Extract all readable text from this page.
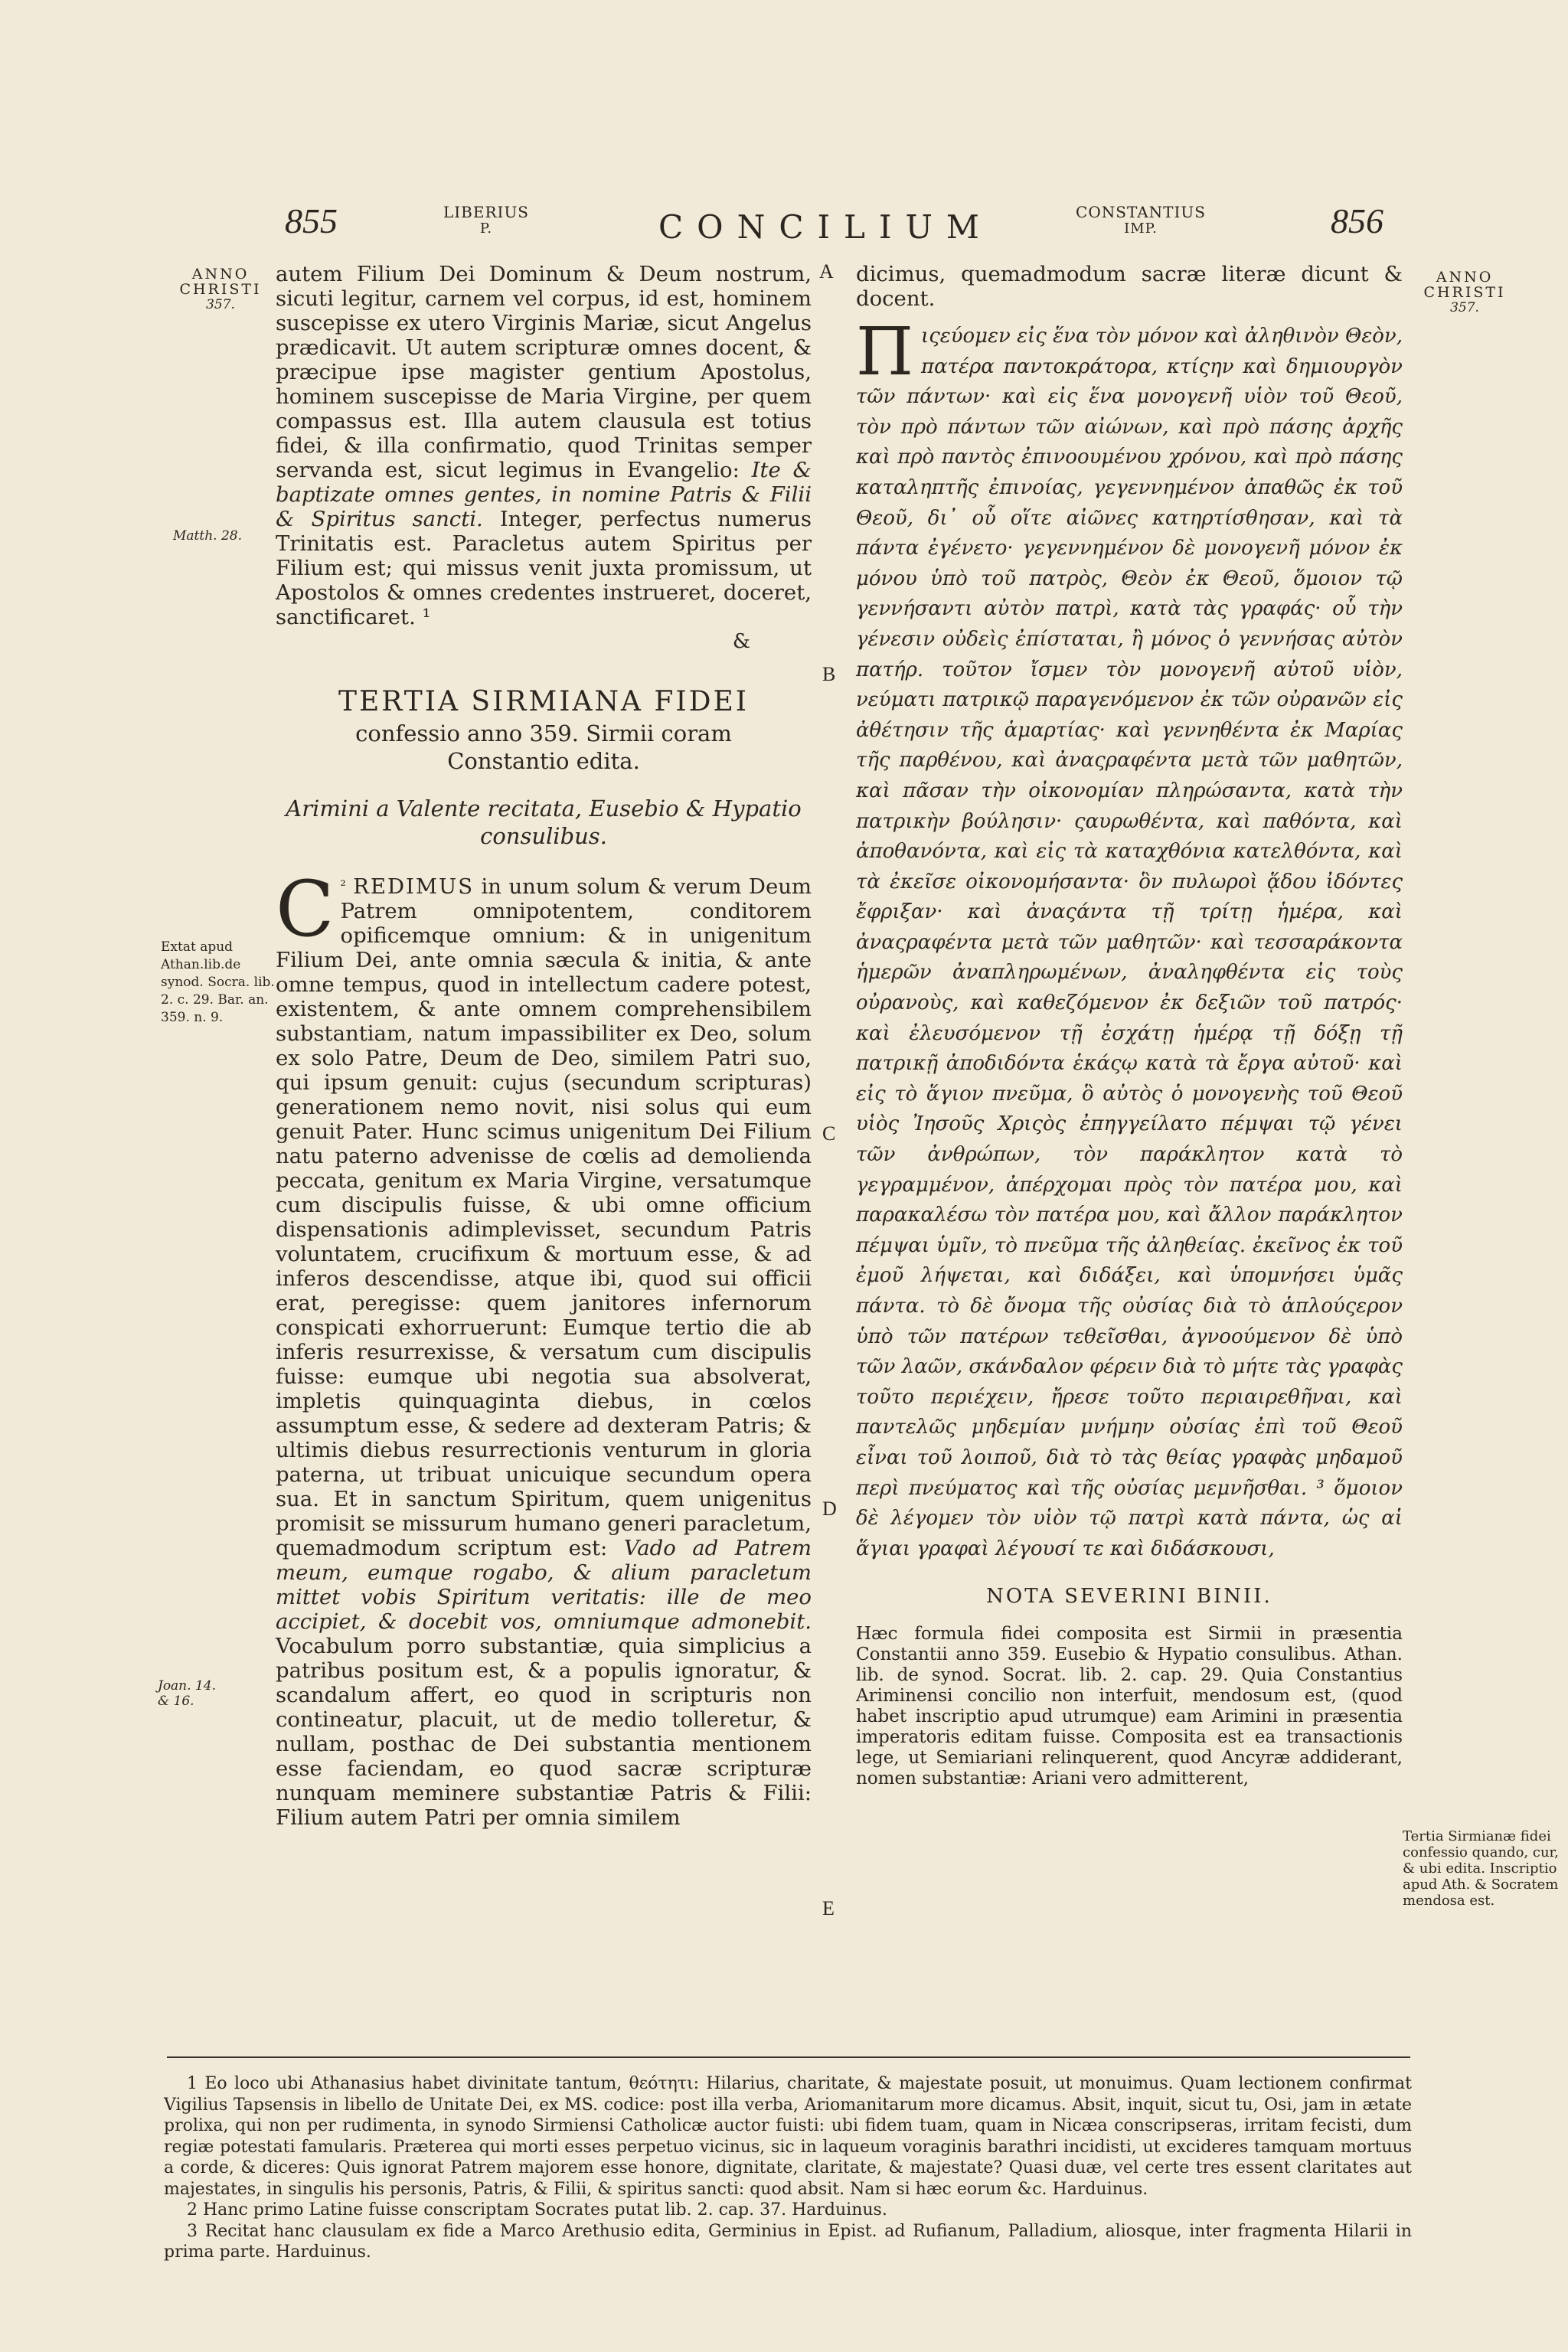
855	LIBERIUS
P.	CONCILIUM	CONSTANTIUS
IMP.	856
ANNO CHRISTI
357.
ANNO CHRISTI
357.
Matth. 28.
Extat apud Athan.lib.de synod. Socra. lib. 2. c. 29. Bar. an. 359. n. 9.
Joan. 14. & 16.
Tertia Sirmianæ fidei confessio quando, cur, & ubi edita. Inscriptio apud Ath. & Socratem mendosa est.
A
B
C
D
E

autem Filium Dei Dominum & Deum nostrum, sicuti legitur, carnem vel corpus, id est, hominem suscepisse ex utero Virginis Mariæ, sicut Angelus prædicavit. Ut autem scripturæ omnes docent, & præcipue ipse magister gentium Apostolus, hominem suscepisse de Maria Virgine, per quem compassus est. Illa autem clausula est totius fidei, & illa confirmatio, quod Trinitas semper servanda est, sicut legimus in Evangelio: Ite & baptizate omnes gentes, in nomine Patris & Filii & Spiritus sancti. Integer, perfectus numerus Trinitatis est. Paracletus autem Spiritus per Filium est; qui missus venit juxta promissum, ut Apostolos & omnes credentes instrueret, doceret, sanctificaret. ¹

&
TERTIA SIRMIANA FIDEI
confessio anno 359. Sirmii coram
Constantio edita.
Arimini a Valente recitata, Eusebio & Hypatio consulibus.

$^{^2}$
C REDIMUS in unum solum & verum Deum Patrem omnipotentem, conditorem opificemque omnium: & in unigenitum Filium Dei, ante omnia sæcula & initia, & ante omne tempus, quod in intellectum cadere potest, existentem, & ante omnem comprehensibilem substantiam, natum impassibiliter ex Deo, solum ex solo Patre, Deum de Deo, similem Patri suo, qui ipsum genuit: cujus (secundum scripturas) generationem nemo novit, nisi solus qui eum genuit Pater. Hunc scimus unigenitum Dei Filium natu paterno advenisse de cœlis ad demolienda peccata, genitum ex Maria Virgine, versatumque cum discipulis fuisse, & ubi omne officium dispensationis adimplevisset, secundum Patris voluntatem, crucifixum & mortuum esse, & ad inferos descendisse, atque ibi, quod sui officii erat, peregisse: quem janitores infernorum conspicati exhorruerunt: Eumque tertio die ab inferis resurrexisse, & versatum cum discipulis fuisse: eumque ubi negotia sua absolverat, impletis quinquaginta diebus, in cœlos assumptum esse, & sedere ad dexteram Patris; & ultimis diebus resurrectionis venturum in gloria paterna, ut tribuat unicuique secundum opera sua. Et in sanctum Spiritum, quem unigenitus promisit se missurum humano generi paracletum, quemadmodum scriptum est: Vado ad Patrem meum, eumque rogabo, & alium paracletum mittet vobis Spiritum veritatis: ille de meo accipiet, & docebit vos, omniumque admonebit. Vocabulum porro substantiæ, quia simplicius a patribus positum est, & a populis ignoratur, & scandalum affert, eo quod in scripturis non contineatur, placuit, ut de medio tolleretur, & nullam, posthac de Dei substantia mentionem esse faciendam, eo quod sacræ scripturæ nunquam meminere substantiæ Patris & Filii: Filium autem Patri per omnia similem

dicimus, quemadmodum sacræ literæ dicunt & docent.

Π ιςεύομεν εἰς ἕνα τὸν μόνον καὶ ἀληθινὸν Θεὸν, πατέρα παντοκράτορα, κτίςην καὶ δημιουργὸν τῶν πάντων· καὶ εἰς ἕνα μονογενῆ υἱὸν τοῦ Θεοῦ, τὸν πρὸ πάντων τῶν αἰώνων, καὶ πρὸ πάσης ἀρχῆς καὶ πρὸ παντὸς ἐπινοουμένου χρόνου, καὶ πρὸ πάσης καταληπτῆς ἐπινοίας, γεγεννημένον ἀπαθῶς ἐκ τοῦ Θεοῦ, δι᾽ οὗ οἵτε αἰῶνες κατηρτίσθησαν, καὶ τὰ πάντα ἐγένετο· γεγεννημένον δὲ μονογενῆ μόνον ἐκ μόνου ὑπὸ τοῦ πατρὸς, Θεὸν ἐκ Θεοῦ, ὅμοιον τῷ γεννήσαντι αὐτὸν πατρὶ, κατὰ τὰς γραφάς· οὗ τὴν γένεσιν οὐδεὶς ἐπίσταται, ἢ μόνος ὁ γεννήσας αὐτὸν πατήρ. τοῦτον ἴσμεν τὸν μονογενῆ αὐτοῦ υἱὸν, νεύματι πατρικῷ παραγενόμενον ἐκ τῶν οὐρανῶν εἰς ἀθέτησιν τῆς ἁμαρτίας· καὶ γεννηθέντα ἐκ Μαρίας τῆς παρθένου, καὶ ἀναςραφέντα μετὰ τῶν μαθητῶν, καὶ πᾶσαν τὴν οἰκονομίαν πληρώσαντα, κατὰ τὴν πατρικὴν βούλησιν· ςαυρωθέντα, καὶ παθόντα, καὶ ἀποθανόντα, καὶ εἰς τὰ καταχθόνια κατελθόντα, καὶ τὰ ἐκεῖσε οἰκονομήσαντα· ὃν πυλωροὶ ᾅδου ἰδόντες ἔφριξαν· καὶ ἀναςάντα τῇ τρίτῃ ἡμέρα, καὶ ἀναςραφέντα μετὰ τῶν μαθητῶν· καὶ τεσσαράκοντα ἡμερῶν ἀναπληρωμένων, ἀναληφθέντα εἰς τοὺς οὐρανοὺς, καὶ καθεζόμενον ἐκ δεξιῶν τοῦ πατρός· καὶ ἐλευσόμενον τῇ ἐσχάτῃ ἡμέρᾳ τῇ δόξῃ τῇ πατρικῇ ἀποδιδόντα ἑκάςῳ κατὰ τὰ ἔργα αὐτοῦ· καὶ εἰς τὸ ἅγιον πνεῦμα, ὃ αὐτὸς ὁ μονογενὴς τοῦ Θεοῦ υἱὸς Ἰησοῦς Χριςὸς ἐπηγγείλατο πέμψαι τῷ γένει τῶν ἀνθρώπων, τὸν παράκλητον κατὰ τὸ γεγραμμένον, ἀπέρχομαι πρὸς τὸν πατέρα μου, καὶ παρακαλέσω τὸν πατέρα μου, καὶ ἄλλον παράκλητον πέμψαι ὑμῖν, τὸ πνεῦμα τῆς ἀληθείας. ἐκεῖνος ἐκ τοῦ ἐμοῦ λήψεται, καὶ διδάξει, καὶ ὑπομνήσει ὑμᾶς πάντα. τὸ δὲ ὄνομα τῆς οὐσίας διὰ τὸ ἁπλούςερον ὑπὸ τῶν πατέρων τεθεῖσθαι, ἀγνοούμενον δὲ ὑπὸ τῶν λαῶν, σκάνδαλον φέρειν διὰ τὸ μήτε τὰς γραφὰς τοῦτο περιέχειν, ἤρεσε τοῦτο περιαιρεθῆναι, καὶ παντελῶς μηδεμίαν μνήμην οὐσίας ἐπὶ τοῦ Θεοῦ εἶναι τοῦ λοιποῦ, διὰ τὸ τὰς θείας γραφὰς μηδαμοῦ περὶ πνεύματος καὶ τῆς οὐσίας μεμνῆσθαι. ³ ὅμοιον δὲ λέγομεν τὸν υἱὸν τῷ πατρὶ κατὰ πάντα, ὡς αἱ ἅγιαι γραφαὶ λέγουσί τε καὶ διδάσκουσι,

NOTA SEVERINI BINII.

Hæc formula fidei composita est Sirmii in præsentia Constantii anno 359. Eusebio & Hypatio consulibus. Athan. lib. de synod. Socrat. lib. 2. cap. 29. Quia Constantius Ariminensi concilio non interfuit, mendosum est, (quod habet inscriptio apud utrumque) eam Arimini in præsentia imperatoris editam fuisse. Composita est ea transactionis lege, ut Semiariani relinquerent, quod Ancyræ addiderant, nomen substantiæ: Ariani vero admitterent,

1 Eo loco ubi Athanasius habet divinitate tantum, θεότητι: Hilarius, charitate, & majestate posuit, ut monuimus. Quam lectionem confirmat Vigilius Tapsensis in libello de Unitate Dei, ex MS. codice: post illa verba, Ariomanitarum more dicamus. Absit, inquit, sicut tu, Osi, jam in ætate prolixa, qui non per rudimenta, in synodo Sirmiensi Catholicæ auctor fuisti: ubi fidem tuam, quam in Nicæa conscripseras, irritam fecisti, dum regiæ potestati famularis. Præterea qui morti esses perpetuo vicinus, sic in laqueum voraginis barathri incidisti, ut excideres tamquam mortuus a corde, & diceres: Quis ignorat Patrem majorem esse honore, dignitate, claritate, & majestate? Quasi duæ, vel certe tres essent claritates aut majestates, in singulis his personis, Patris, & Filii, & spiritus sancti: quod absit. Nam si hæc eorum &c. Harduinus.

2 Hanc primo Latine fuisse conscriptam Socrates putat lib. 2. cap. 37. Harduinus.

3 Recitat hanc clausulam ex fide a Marco Arethusio edita, Germinius in Epist. ad Rufianum, Palladium, aliosque, inter fragmenta Hilarii in prima parte. Harduinus.
